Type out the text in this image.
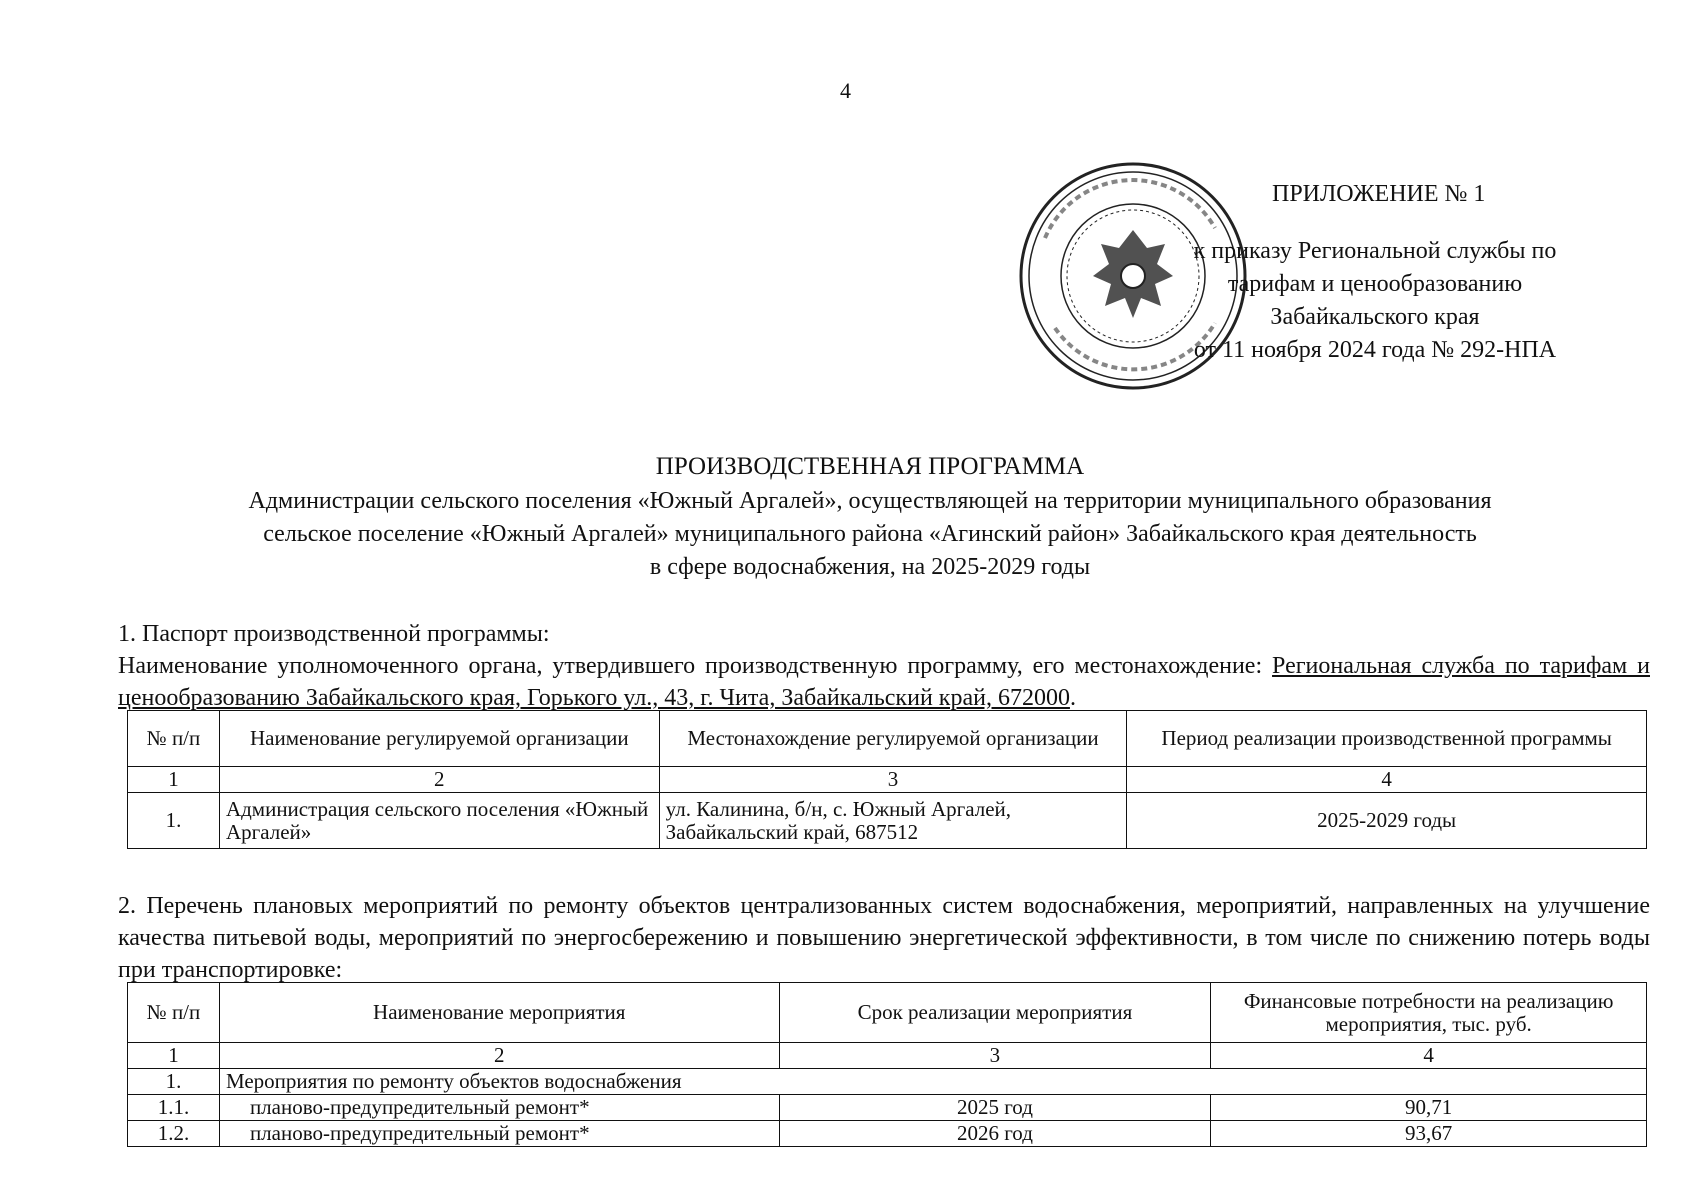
4
ПРИЛОЖЕНИЕ № 1
к приказу Региональной службы по
тарифам и ценообразованию
Забайкальского края
от 11 ноября 2024 года № 292-НПА
ПРОИЗВОДСТВЕННАЯ ПРОГРАММА
Администрации сельского поселения «Южный Аргалей», осуществляющей на территории муниципального образования
сельское поселение «Южный Аргалей» муниципального района «Агинский район» Забайкальского края деятельность
в сфере водоснабжения, на 2025-2029 годы
1. Паспорт производственной программы:
Наименование уполномоченного органа, утвердившего производственную программу, его местонахождение: Региональная служба по тарифам и ценообразованию Забайкальского края, Горького ул., 43, г. Чита, Забайкальский край, 672000.
№ п/п	Наименование регулируемой организации	Местонахождение регулируемой организации	Период реализации производственной программы
1	2	3	4
1.	Администрация сельского поселения «Южный Аргалей»	ул. Калинина, б/н, с. Южный Аргалей, Забайкальский край, 687512	2025-2029 годы
2. Перечень плановых мероприятий по ремонту объектов централизованных систем водоснабжения, мероприятий, направленных на улучшение качества питьевой воды, мероприятий по энергосбережению и повышению энергетической эффективности, в том числе по снижению потерь воды при транспортировке:
№ п/п	Наименование мероприятия	Срок реализации мероприятия	Финансовые потребности на реализацию мероприятия, тыс. руб.
1	2	3	4
1.	Мероприятия по ремонту объектов водоснабжения		
1.1.	планово-предупредительный ремонт*	2025 год	90,71
1.2.	планово-предупредительный ремонт*	2026 год	93,67
